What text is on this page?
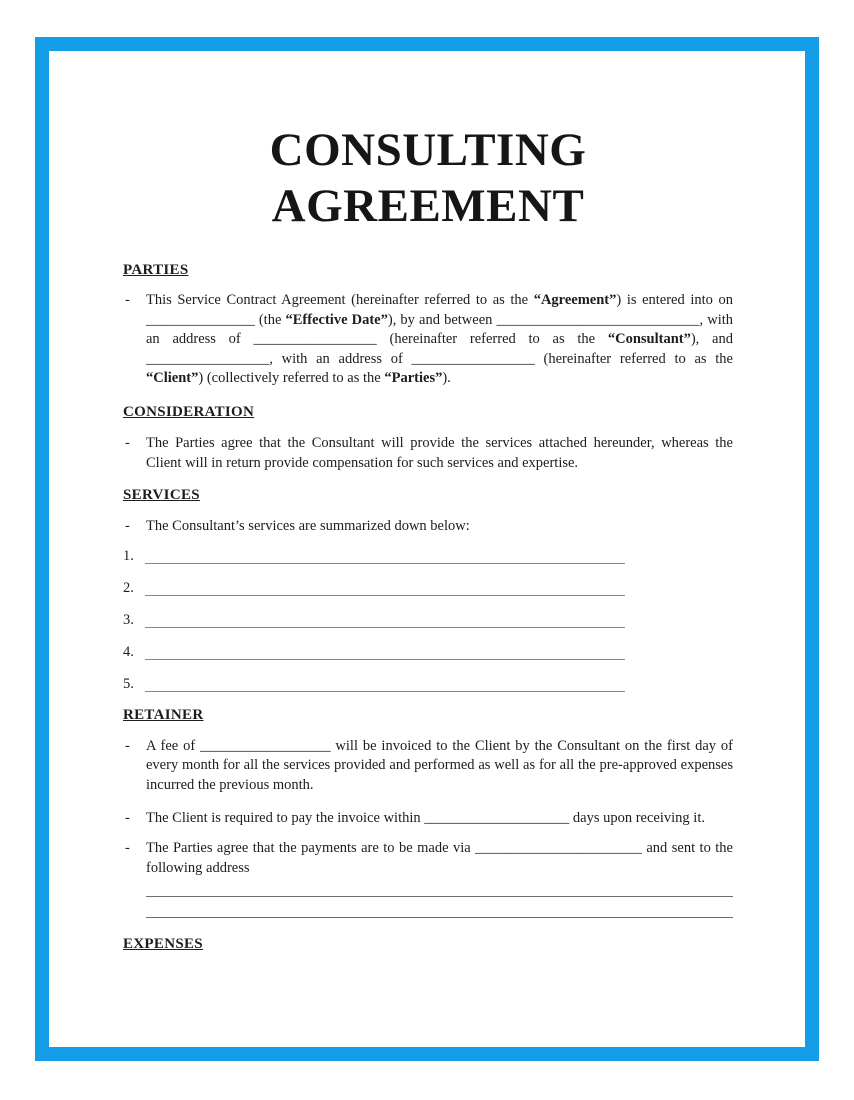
CONSULTING
AGREEMENT
PARTIES
- This Service Contract Agreement (hereinafter referred to as the “Agreement”) is entered into on _______________ (the “Effective Date”), by and between ____________________________, with an address of _________________ (hereinafter referred to as the “Consultant”), and _________________, with an address of _________________ (hereinafter referred to as the “Client”) (collectively referred to as the “Parties”).
CONSIDERATION
- The Parties agree that the Consultant will provide the services attached hereunder, whereas the Client will in return provide compensation for such services and expertise.
SERVICES
- The Consultant’s services are summarized down below:
1.
2.
3.
4.
5.
RETAINER
- A fee of __________________ will be invoiced to the Client by the Consultant on the first day of every month for all the services provided and performed as well as for all the pre-approved expenses incurred the previous month.
- The Client is required to pay the invoice within ____________________ days upon receiving it.
- The Parties agree that the payments are to be made via _______________________ and sent to the following address
EXPENSES
